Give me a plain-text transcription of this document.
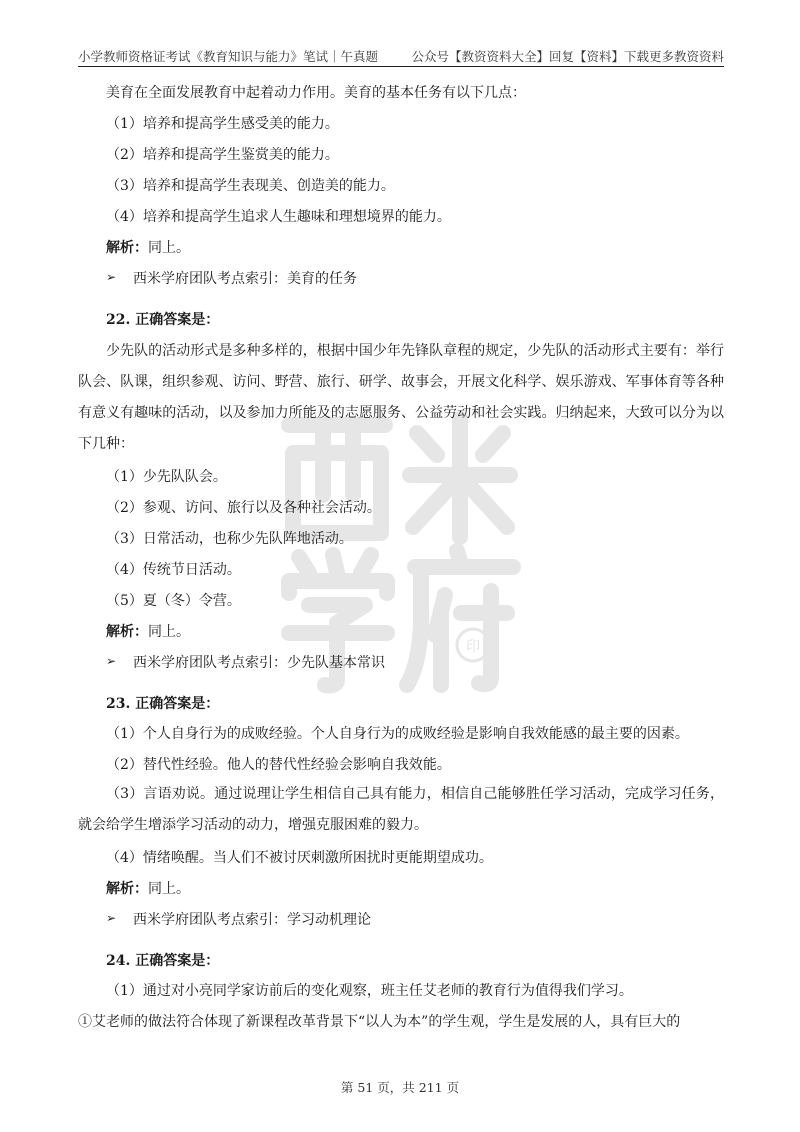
小学教师资格证考试《教育知识与能力》笔试｜午真题	公众号【教资资料大全】回复【资料】下载更多教资资料
印
美育在全面发展教育中起着动力作用。美育的基本任务有以下几点：
（1）培养和提高学生感受美的能力。
（2）培养和提高学生鉴赏美的能力。
（3）培养和提高学生表现美、创造美的能力。
（4）培养和提高学生追求人生趣味和理想境界的能力。
解析：同上。
➢ 西米学府团队考点索引：美育的任务
22. 正确答案是：

少先队的活动形式是多种多样的，根据中国少年先锋队章程的规定，少先队的活动形式主要有：举行队会、队课，组织参观、访问、野营、旅行、研学、故事会，开展文化科学、娱乐游戏、军事体育等各种有意义有趣味的活动，以及参加力所能及的志愿服务、公益劳动和社会实践。归纳起来，大致可以分为以下几种：

（1）少先队队会。
（2）参观、访问、旅行以及各种社会活动。
（3）日常活动，也称少先队阵地活动。
（4）传统节日活动。
（5）夏（冬）令营。
解析：同上。
➢ 西米学府团队考点索引：少先队基本常识
23. 正确答案是：
（1）个人自身行为的成败经验。个人自身行为的成败经验是影响自我效能感的最主要的因素。
（2）替代性经验。他人的替代性经验会影响自我效能。

（3）言语劝说。通过说理让学生相信自己具有能力，相信自己能够胜任学习活动，完成学习任务，就会给学生增添学习活动的动力，增强克服困难的毅力。

（4）情绪唤醒。当人们不被讨厌刺激所困扰时更能期望成功。
解析：同上。
➢ 西米学府团队考点索引：学习动机理论
24. 正确答案是：
（1）通过对小亮同学家访前后的变化观察，班主任艾老师的教育行为值得我们学习。
①艾老师的做法符合体现了新课程改革背景下“以人为本”的学生观，学生是发展的人，具有巨大的
第 51 页，共 211 页
